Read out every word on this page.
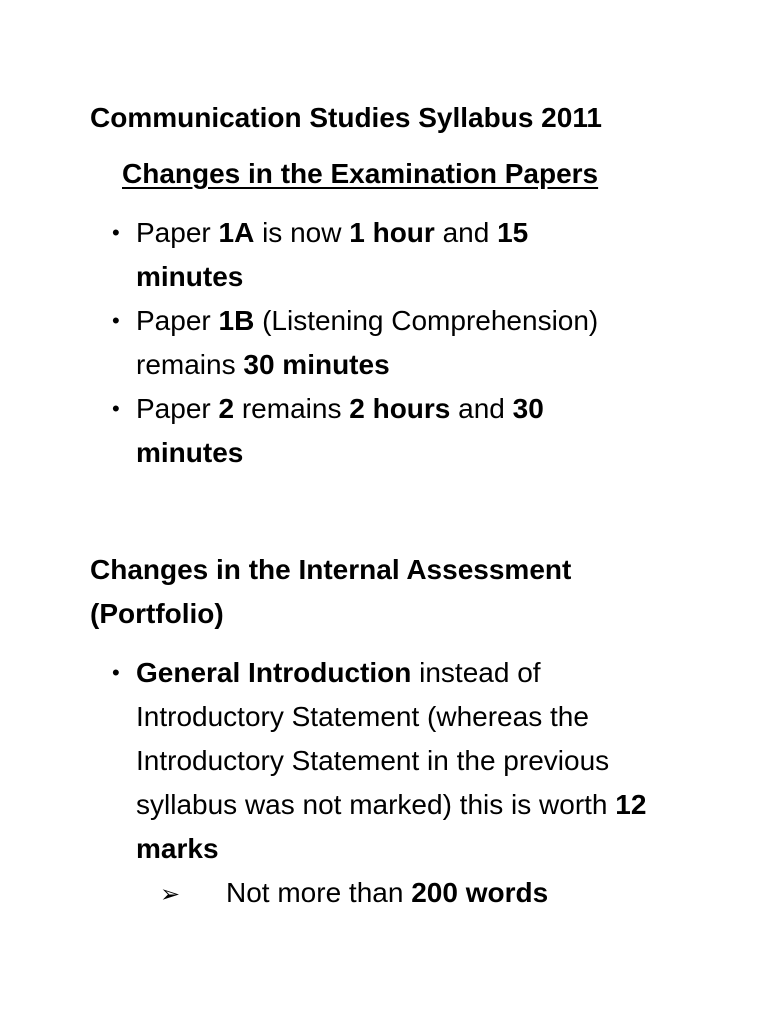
Communication Studies Syllabus 2011
Changes in the Examination Papers
• Paper 1A is now 1 hour and 15 minutes
• Paper 1B (Listening Comprehension) remains 30 minutes
• Paper 2 remains 2 hours and 30 minutes
Changes in the Internal Assessment (Portfolio)
• General Introduction instead of Introductory Statement (whereas the Introductory Statement in the previous syllabus was not marked) this is worth 12 marks
➢ Not more than 200 words
